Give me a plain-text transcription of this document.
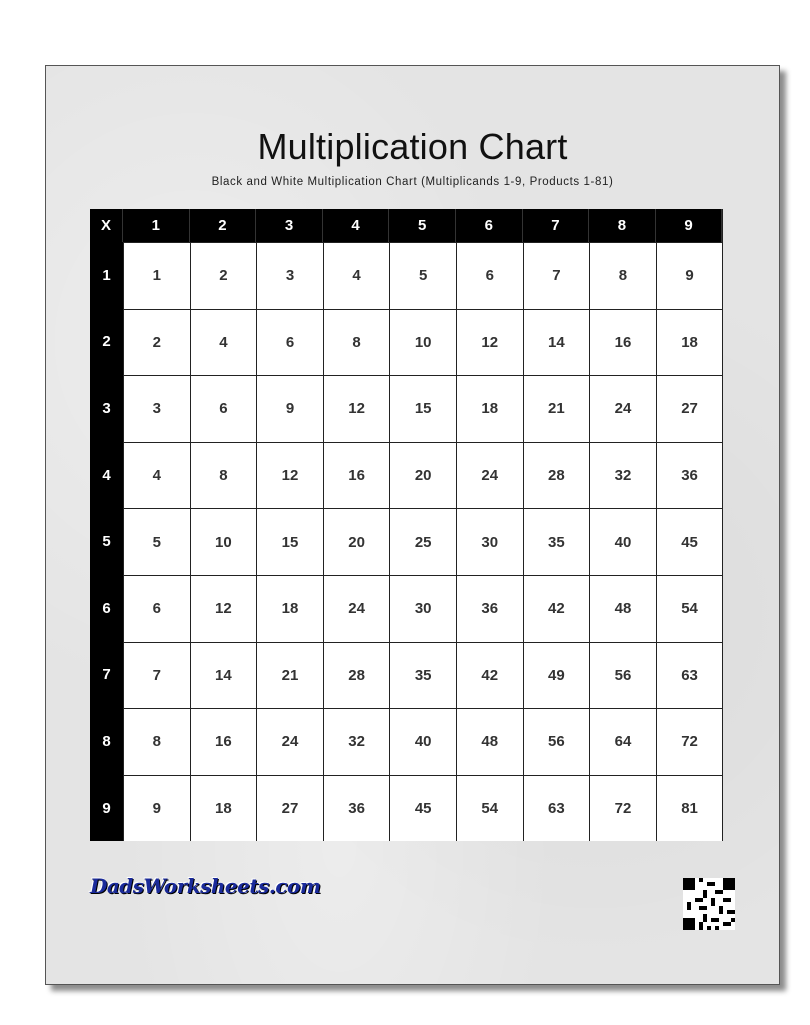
Multiplication Chart
Black and White Multiplication Chart (Multiplicands 1-9, Products 1-81)
X	1	2	3	4	5	6	7	8	9
1	1	2	3	4	5	6	7	8	9
2	2	4	6	8	10	12	14	16	18
3	3	6	9	12	15	18	21	24	27
4	4	8	12	16	20	24	28	32	36
5	5	10	15	20	25	30	35	40	45
6	6	12	18	24	30	36	42	48	54
7	7	14	21	28	35	42	49	56	63
8	8	16	24	32	40	48	56	64	72
9	9	18	27	36	45	54	63	72	81
DadsWorksheets.com
